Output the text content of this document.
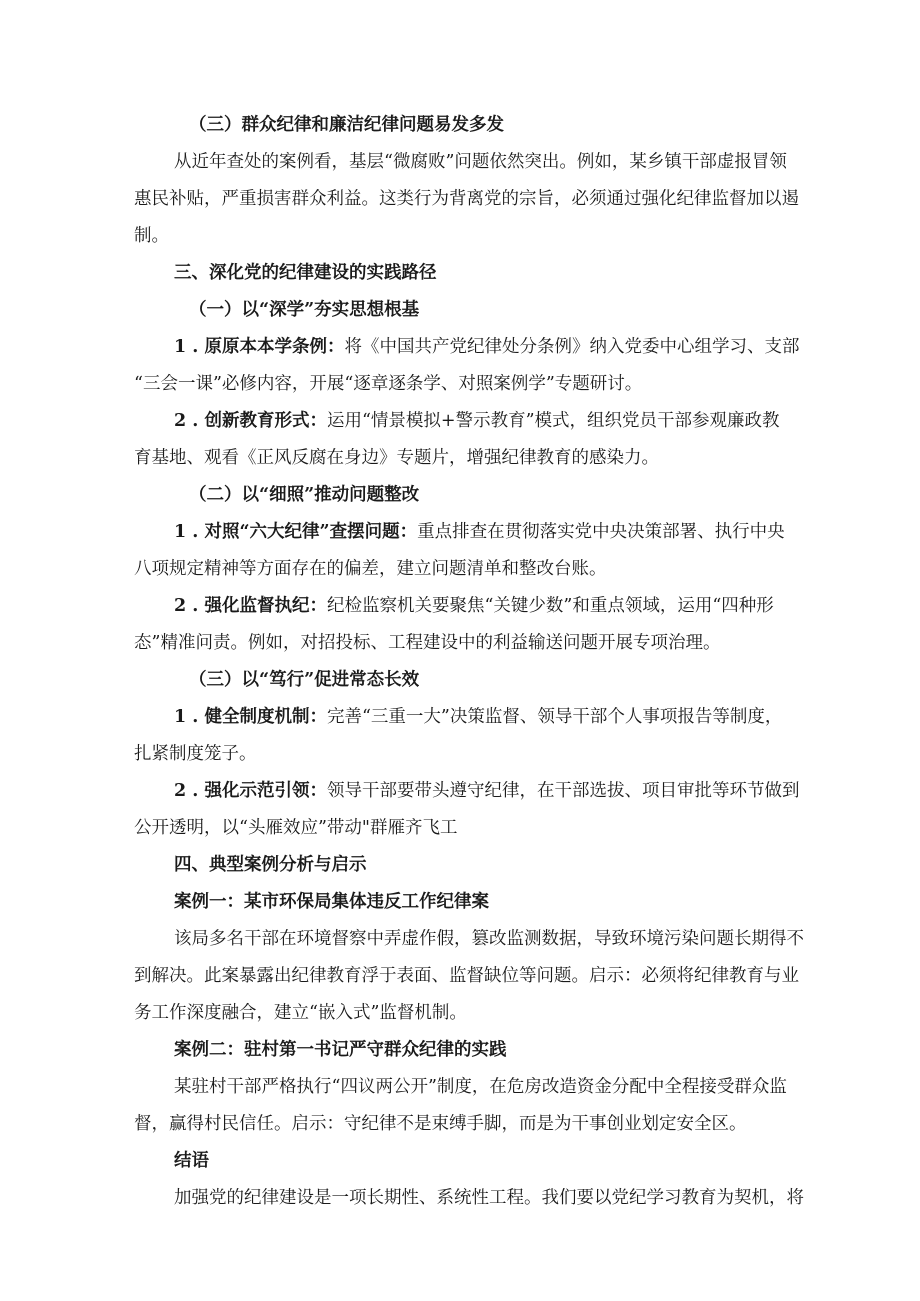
（三）群众纪律和廉洁纪律问题易发多发
从近年查处的案例看，基层“微腐败”问题依然突出。例如，某乡镇干部虚报冒领
惠民补贴，严重损害群众利益。这类行为背离党的宗旨，必须通过强化纪律监督加以遏
制。
三、深化党的纪律建设的实践路径
（一）以“深学”夯实思想根基
1 . 原原本本学条例：将《中国共产党纪律处分条例》纳入党委中心组学习、支部
“三会一课”必修内容，开展“逐章逐条学、对照案例学”专题研讨。
2 . 创新教育形式：运用“情景模拟+警示教育”模式，组织党员干部参观廉政教
育基地、观看《正风反腐在身边》专题片，增强纪律教育的感染力。
（二）以“细照”推动问题整改
1 . 对照“六大纪律”查摆问题：重点排查在贯彻落实党中央决策部署、执行中央
八项规定精神等方面存在的偏差，建立问题清单和整改台账。
2 . 强化监督执纪：纪检监察机关要聚焦“关键少数”和重点领域，运用“四种形
态”精准问责。例如，对招投标、工程建设中的利益输送问题开展专项治理。
（三）以“笃行”促进常态长效
1 . 健全制度机制：完善“三重一大”决策监督、领导干部个人事项报告等制度，
扎紧制度笼子。
2 . 强化示范引领：领导干部要带头遵守纪律，在干部选拔、项目审批等环节做到
公开透明，以“头雁效应”带动"群雁齐飞工
四、典型案例分析与启示
案例一：某市环保局集体违反工作纪律案
该局多名干部在环境督察中弄虚作假，篡改监测数据，导致环境污染问题长期得不
到解决。此案暴露出纪律教育浮于表面、监督缺位等问题。启示：必须将纪律教育与业
务工作深度融合，建立“嵌入式”监督机制。
案例二：驻村第一书记严守群众纪律的实践
某驻村干部严格执行“四议两公开”制度，在危房改造资金分配中全程接受群众监
督，赢得村民信任。启示：守纪律不是束缚手脚，而是为干事创业划定安全区。
结语
加强党的纪律建设是一项长期性、系统性工程。我们要以党纪学习教育为契机，将
